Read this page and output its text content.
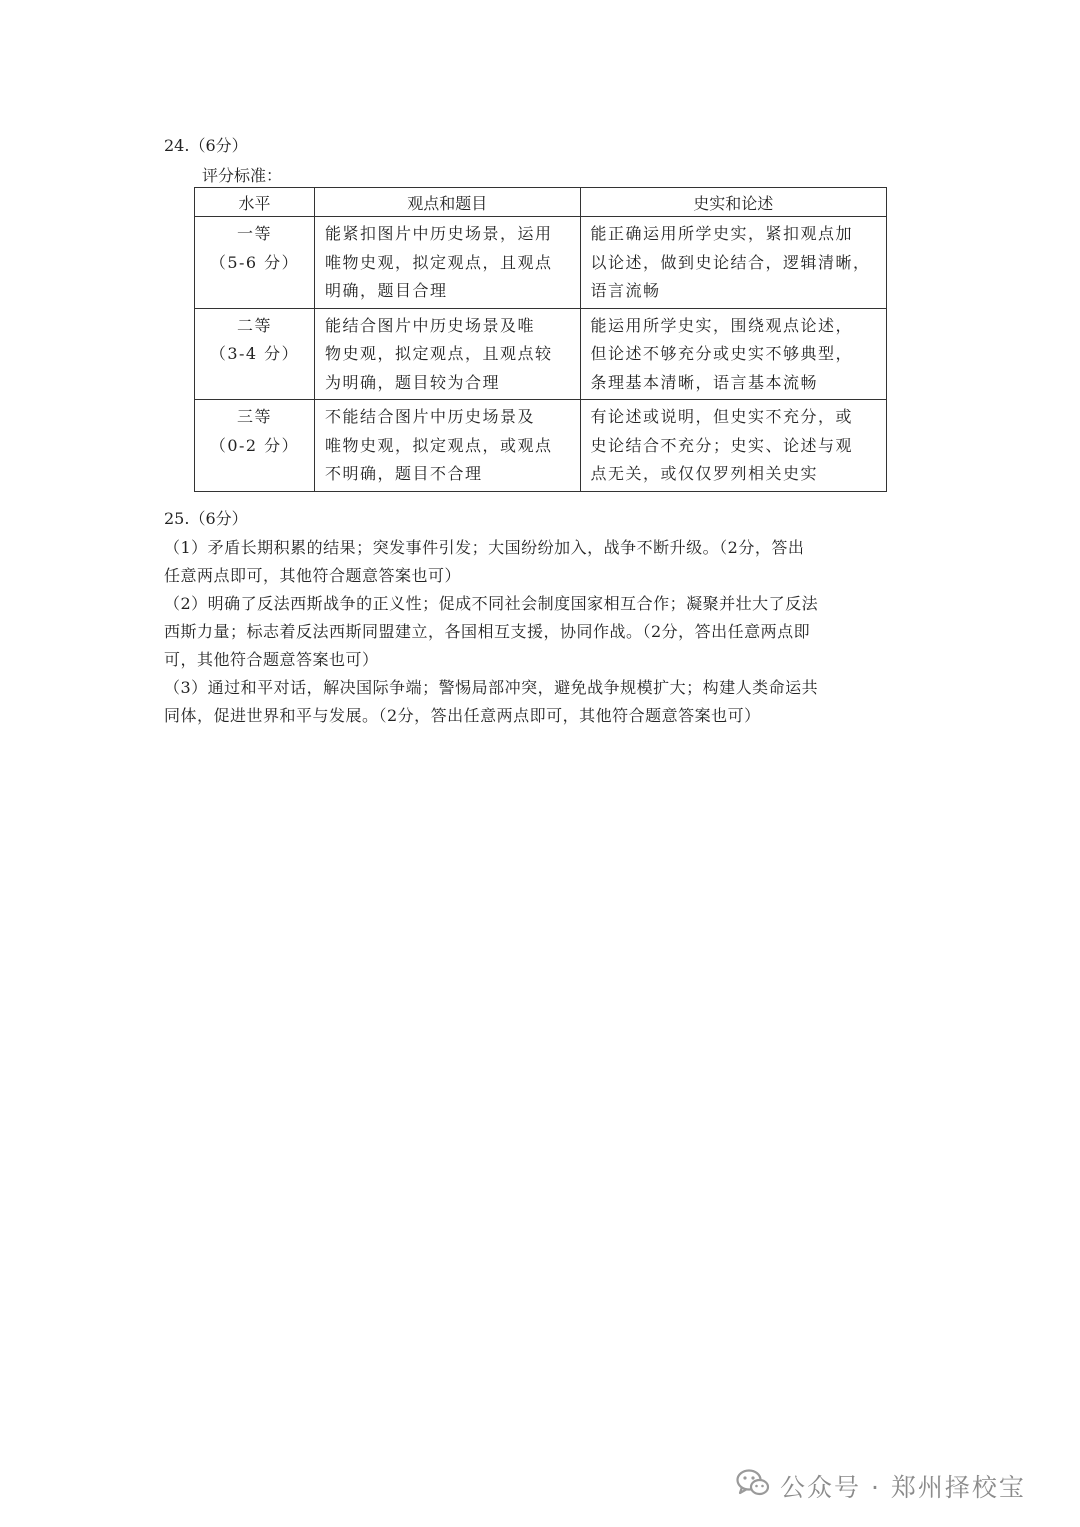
24.（6分）
评分标准：
水平	观点和题目	史实和论述

一等
（5-6 分）	能紧扣图片中历史场景，运用
唯物史观，拟定观点，且观点
明确，题目合理	能正确运用所学史实，紧扣观点加
以论述，做到史论结合，逻辑清晰，
语言流畅

二等
（3-4 分）	能结合图片中历史场景及唯
物史观，拟定观点，且观点较
为明确，题目较为合理	能运用所学史实，围绕观点论述，
但论述不够充分或史实不够典型，
条理基本清晰，语言基本流畅

三等
（0-2 分）	不能结合图片中历史场景及
唯物史观，拟定观点，或观点
不明确，题目不合理	有论述或说明，但史实不充分，或
史论结合不充分；史实、论述与观
点无关，或仅仅罗列相关史实
25.（6分）
（1）矛盾长期积累的结果；突发事件引发；大国纷纷加入，战争不断升级。（2分，答出
任意两点即可，其他符合题意答案也可）
（2）明确了反法西斯战争的正义性；促成不同社会制度国家相互合作；凝聚并壮大了反法
西斯力量；标志着反法西斯同盟建立，各国相互支援，协同作战。（2分，答出任意两点即
可，其他符合题意答案也可）
（3）通过和平对话，解决国际争端；警惕局部冲突，避免战争规模扩大；构建人类命运共
同体，促进世界和平与发展。（2分，答出任意两点即可，其他符合题意答案也可）
公众号 · 郑州择校宝
